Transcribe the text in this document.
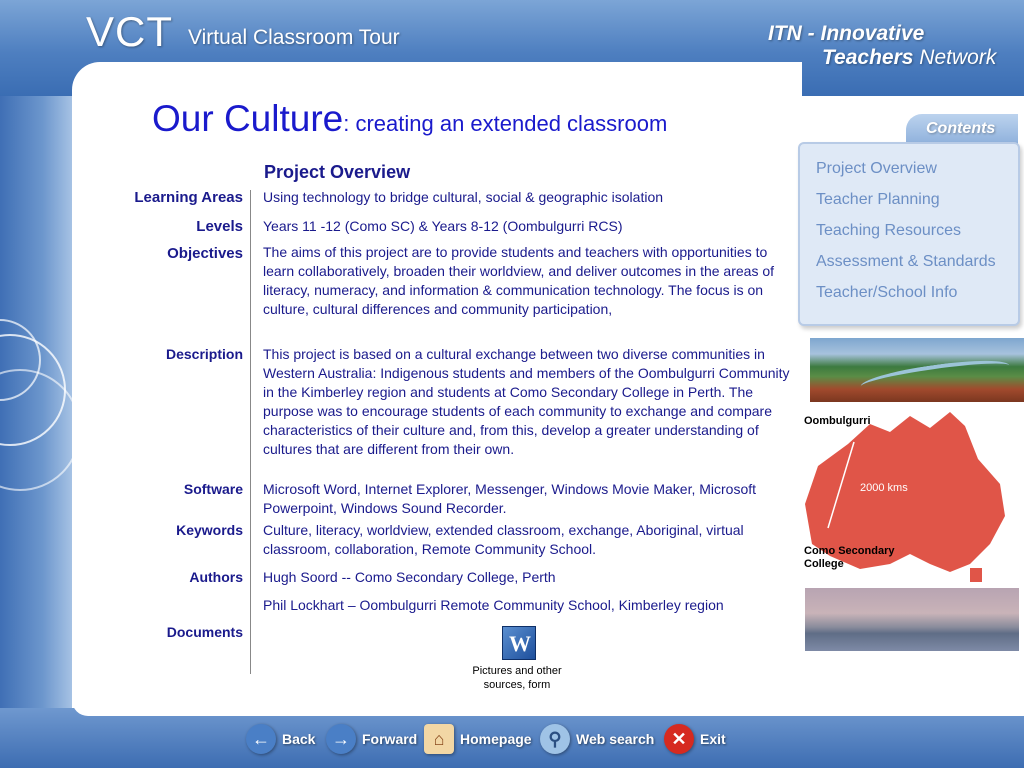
VCT Virtual Classroom Tour	ITN - Innovative
Teachers Network
Our Culture: creating an extended classroom
Project Overview
Learning Areas Using technology to bridge cultural, social & geographic isolation
Levels Years 11 -12 (Como SC) & Years 8-12 (Oombulgurri RCS)
Objectives The aims of this project are to provide students and teachers with opportunities to learn collaboratively, broaden their worldview, and deliver outcomes in the areas of literacy, numeracy, and information & communication technology. The focus is on culture, cultural differences and community participation,
Description This project is based on a cultural exchange between two diverse communities in Western Australia: Indigenous students and members of the Oombulgurri Community in the Kimberley region and students at Como Secondary College in Perth. The purpose was to encourage students of each community to exchange and compare characteristics of their culture and, from this, develop a greater understanding of cultures that are different from their own.
Software Microsoft Word, Internet Explorer, Messenger, Windows Movie Maker, Microsoft Powerpoint, Windows Sound Recorder.
Keywords Culture, literacy, worldview, extended classroom, exchange, Aboriginal, virtual classroom, collaboration, Remote Community School.
Authors Hugh Soord -- Como Secondary College, Perth
Phil Lockhart – Oombulgurri Remote Community School, Kimberley region
Documents	W
Pictures and other sources, form
Contents
Project Overview
Teacher Planning
Teaching Resources
Assessment & Standards
Teacher/School Info
Oombulgurri
Como Secondary College
2000 kms
← Back → Forward ⌂	Homepage ⚲	Web search ✕ Exit
